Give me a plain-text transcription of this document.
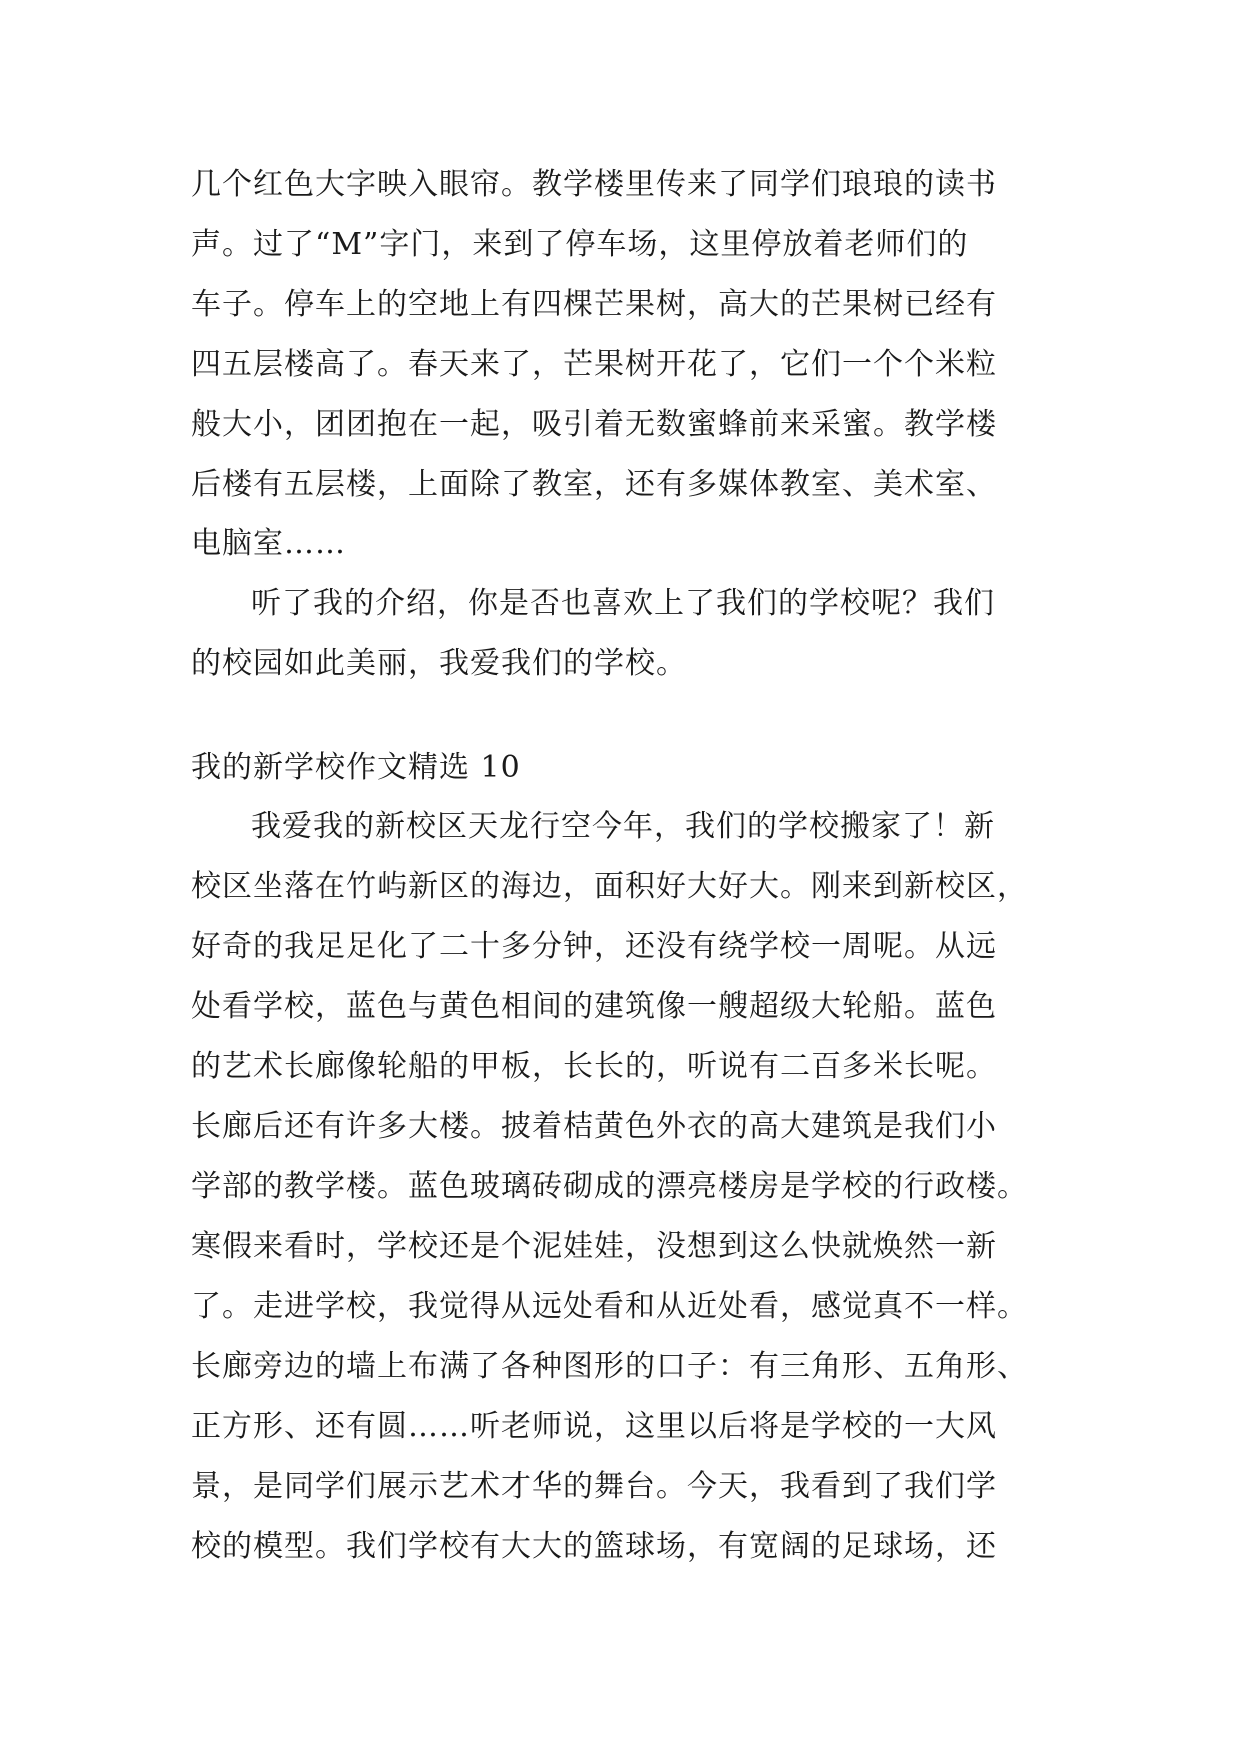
几个红色大字映入眼帘。教学楼里传来了同学们琅琅的读书

声。过了“M”字门，来到了停车场，这里停放着老师们的

车子。停车上的空地上有四棵芒果树，高大的芒果树已经有

四五层楼高了。春天来了，芒果树开花了，它们一个个米粒

般大小，团团抱在一起，吸引着无数蜜蜂前来采蜜。教学楼

后楼有五层楼，上面除了教室，还有多媒体教室、美术室、

电脑室……

听了我的介绍，你是否也喜欢上了我们的学校呢？我们

的校园如此美丽，我爱我们的学校。

我的新学校作文精选 10

我爱我的新校区天龙行空今年，我们的学校搬家了！新

校区坐落在竹屿新区的海边，面积好大好大。刚来到新校区，

好奇的我足足化了二十多分钟，还没有绕学校一周呢。从远

处看学校，蓝色与黄色相间的建筑像一艘超级大轮船。蓝色

的艺术长廊像轮船的甲板，长长的，听说有二百多米长呢。

长廊后还有许多大楼。披着桔黄色外衣的高大建筑是我们小

学部的教学楼。蓝色玻璃砖砌成的漂亮楼房是学校的行政楼。

寒假来看时，学校还是个泥娃娃，没想到这么快就焕然一新

了。走进学校，我觉得从远处看和从近处看，感觉真不一样。

长廊旁边的墙上布满了各种图形的口子：有三角形、五角形、

正方形、还有圆……听老师说，这里以后将是学校的一大风

景，是同学们展示艺术才华的舞台。今天，我看到了我们学

校的模型。我们学校有大大的篮球场，有宽阔的足球场，还
